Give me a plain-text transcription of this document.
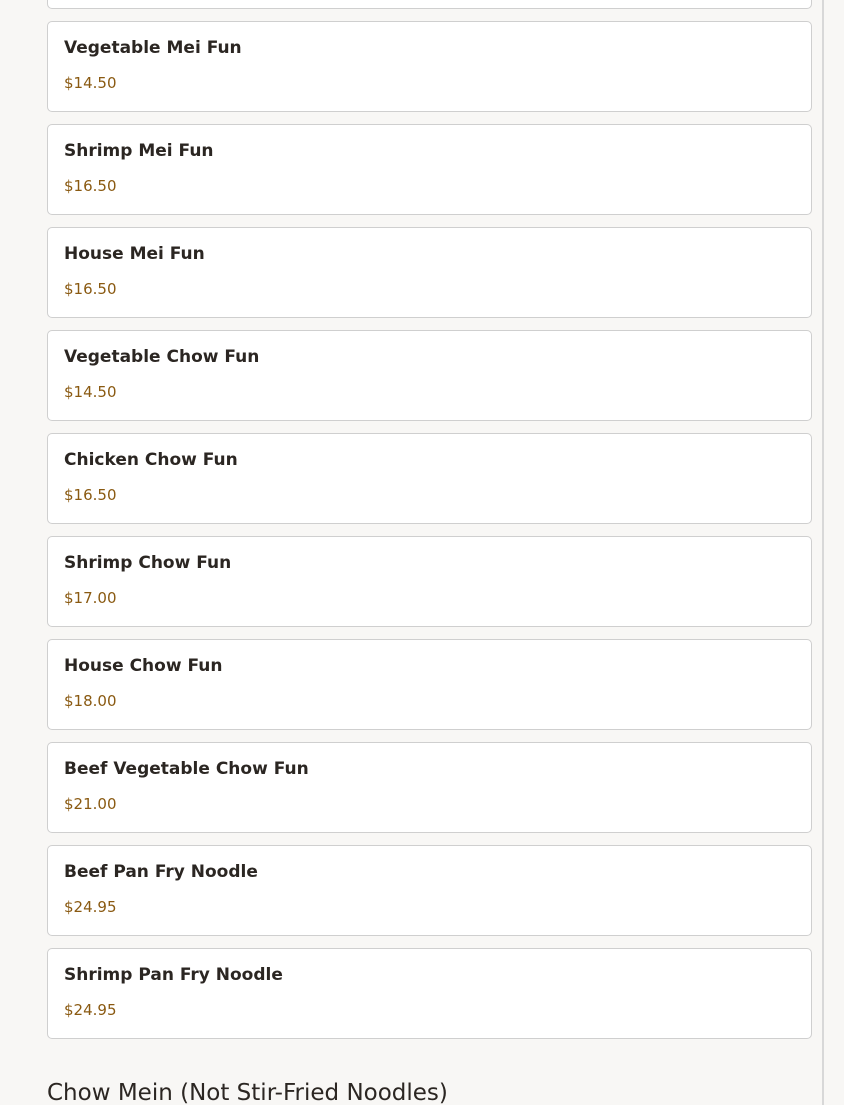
Vegetable Mei Fun
$14.50
Shrimp Mei Fun
$16.50
House Mei Fun
$16.50
Vegetable Chow Fun
$14.50
Chicken Chow Fun
$16.50
Shrimp Chow Fun
$17.00
House Chow Fun
$18.00
Beef Vegetable Chow Fun
$21.00
Beef Pan Fry Noodle
$24.95
Shrimp Pan Fry Noodle
$24.95
Chow Mein (Not Stir-Fried Noodles)
